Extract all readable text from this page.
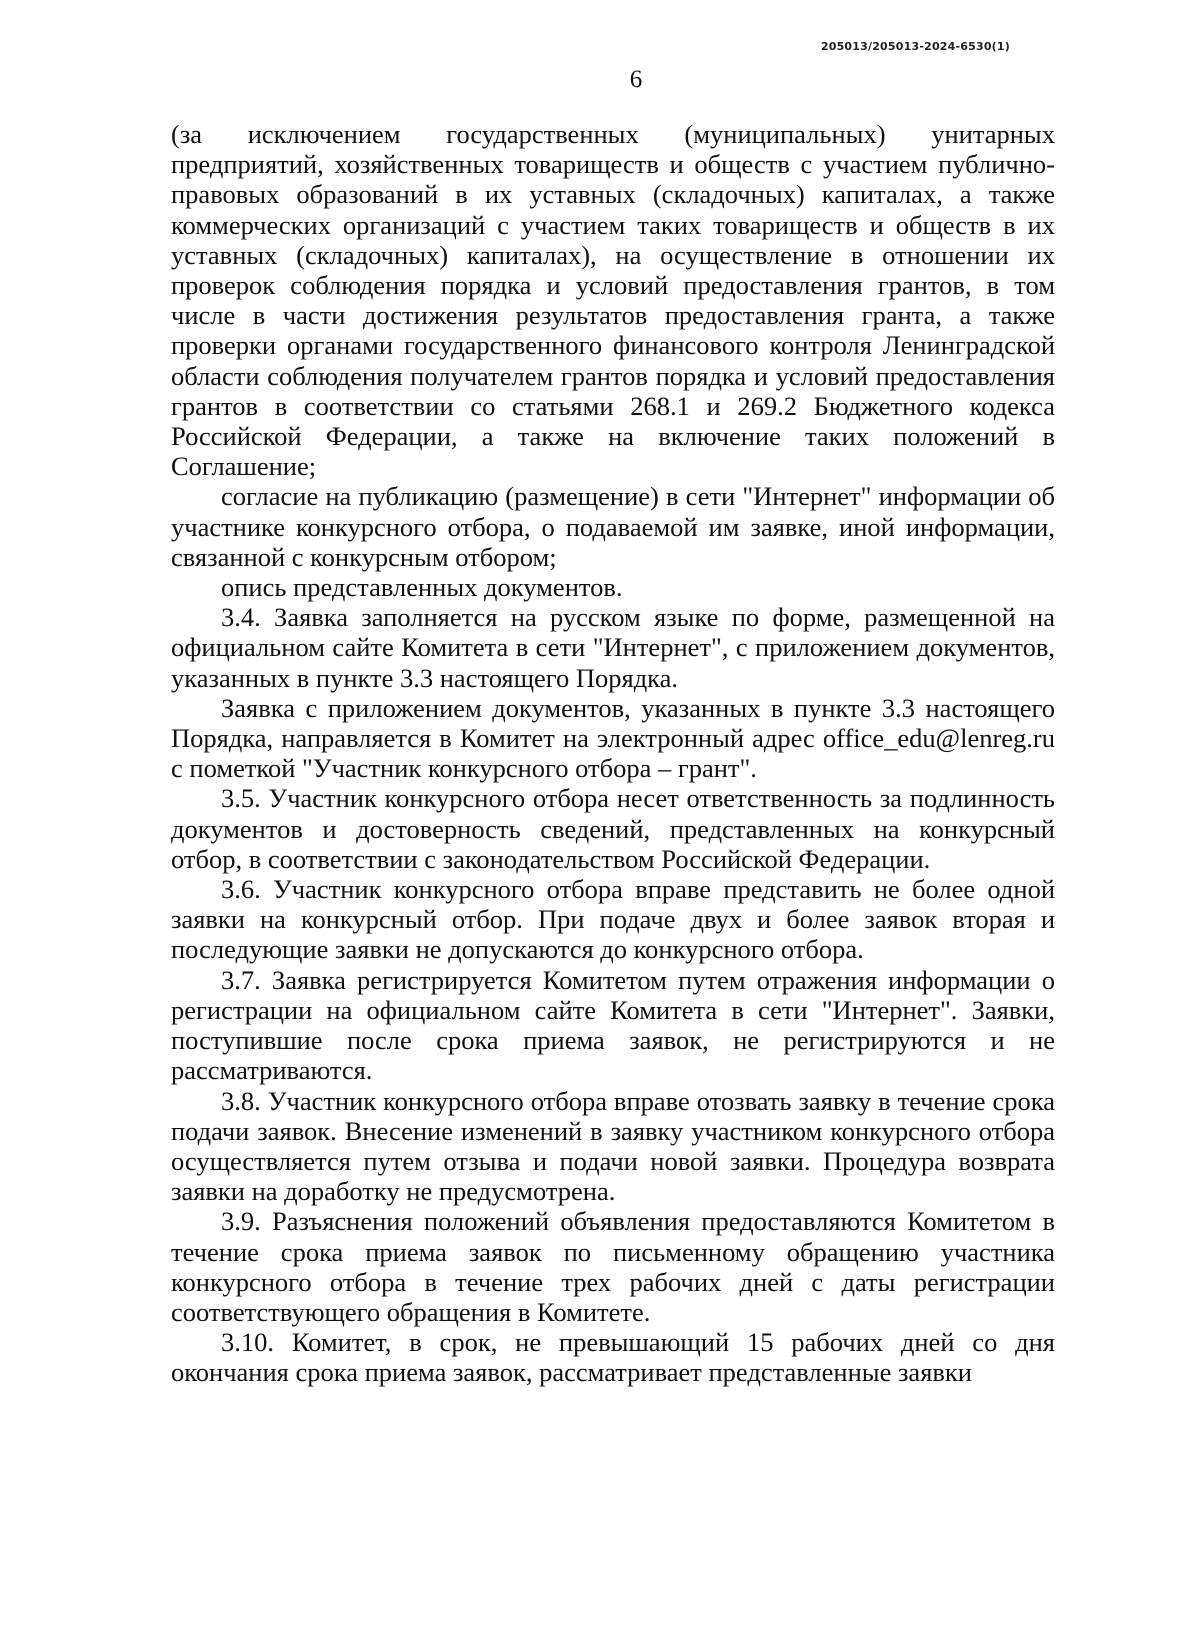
205013/205013-2024-6530(1)
6

(за исключением государственных (муниципальных) унитарных предприятий, хозяйственных товариществ и обществ с участием публично-правовых образований в их уставных (складочных) капиталах, а также коммерческих организаций с участием таких товариществ и обществ в их уставных (складочных) капиталах), на осуществление в отношении их проверок соблюдения порядка и условий предоставления грантов, в том числе в части достижения результатов предоставления гранта, а также проверки органами государственного финансового контроля Ленинградской области соблюдения получателем грантов порядка и условий предоставления грантов в соответствии со статьями 268.1 и 269.2 Бюджетного кодекса Российской Федерации, а также на включение таких положений в Соглашение;

согласие на публикацию (размещение) в сети "Интернет" информации об участнике конкурсного отбора, о подаваемой им заявке, иной информации, связанной с конкурсным отбором;

опись представленных документов.

3.4. Заявка заполняется на русском языке по форме, размещенной на официальном сайте Комитета в сети "Интернет", с приложением документов, указанных в пункте 3.3 настоящего Порядка.

Заявка с приложением документов, указанных в пункте 3.3 настоящего Порядка, направляется в Комитет на электронный адрес office_edu@lenreg.ru с пометкой "Участник конкурсного отбора – грант".

3.5. Участник конкурсного отбора несет ответственность за подлинность документов и достоверность сведений, представленных на конкурсный отбор, в соответствии с законодательством Российской Федерации.

3.6. Участник конкурсного отбора вправе представить не более одной заявки на конкурсный отбор. При подаче двух и более заявок вторая и последующие заявки не допускаются до конкурсного отбора.

3.7. Заявка регистрируется Комитетом путем отражения информации о регистрации на официальном сайте Комитета в сети "Интернет". Заявки, поступившие после срока приема заявок, не регистрируются и не рассматриваются.

3.8. Участник конкурсного отбора вправе отозвать заявку в течение срока подачи заявок. Внесение изменений в заявку участником конкурсного отбора осуществляется путем отзыва и подачи новой заявки. Процедура возврата заявки на доработку не предусмотрена.

3.9. Разъяснения положений объявления предоставляются Комитетом в течение срока приема заявок по письменному обращению участника конкурсного отбора в течение трех рабочих дней с даты регистрации соответствующего обращения в Комитете.

3.10. Комитет, в срок, не превышающий 15 рабочих дней со дня окончания срока приема заявок, рассматривает представленные заявки
